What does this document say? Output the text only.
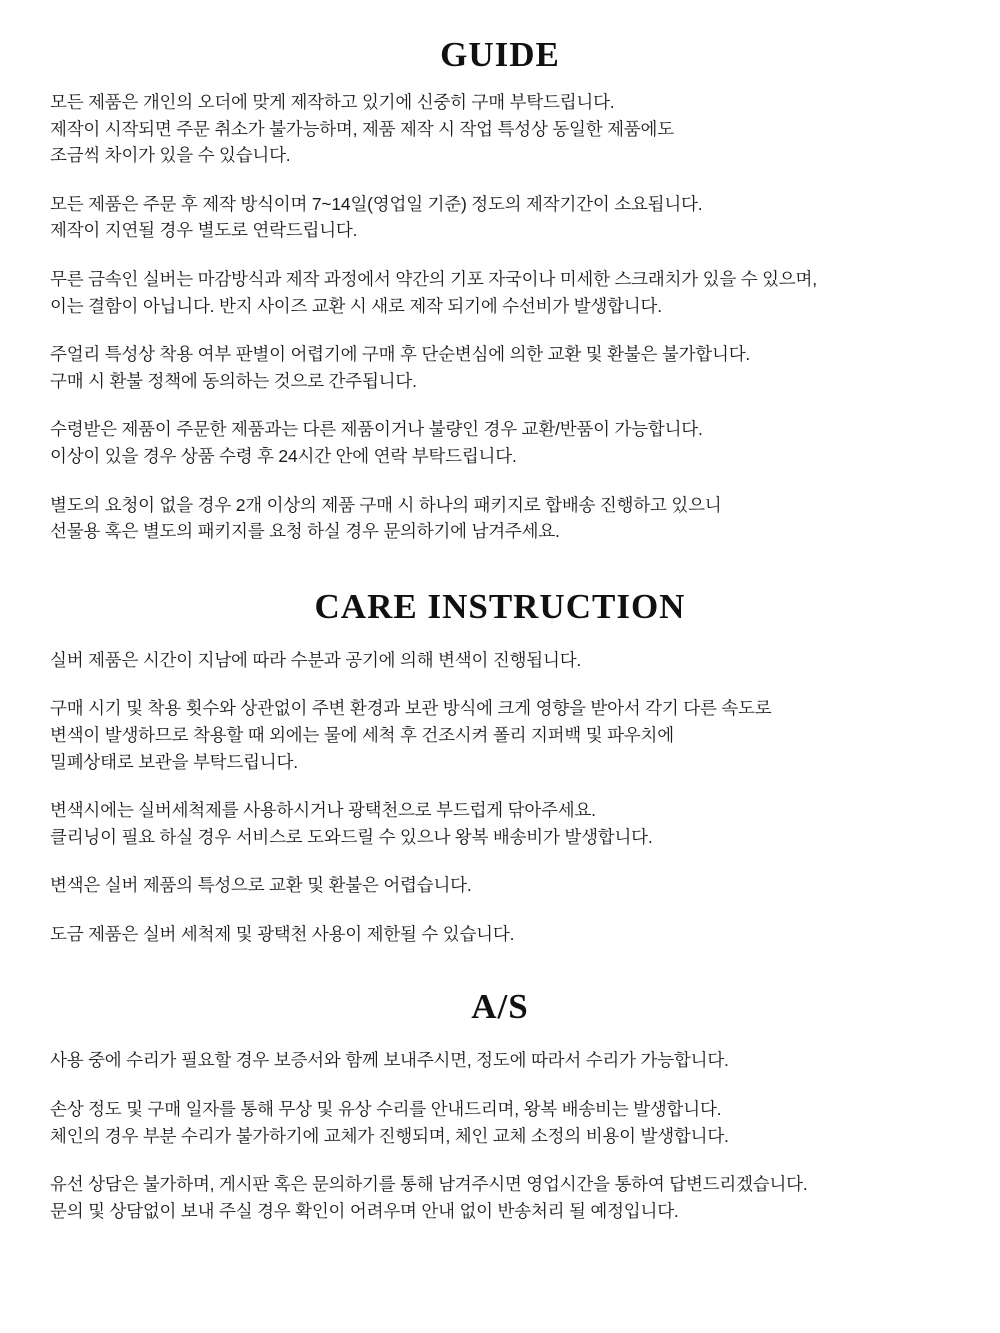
GUIDE

모든 제품은 개인의 오더에 맞게 제작하고 있기에 신중히 구매 부탁드립니다.
제작이 시작되면 주문 취소가 불가능하며, 제품 제작 시 작업 특성상 동일한 제품에도
조금씩 차이가 있을 수 있습니다.

모든 제품은 주문 후 제작 방식이며 7~14일(영업일 기준) 정도의 제작기간이 소요됩니다.
제작이 지연될 경우 별도로 연락드립니다.

무른 금속인 실버는 마감방식과 제작 과정에서 약간의 기포 자국이나 미세한 스크래치가 있을 수 있으며,
이는 결함이 아닙니다. 반지 사이즈 교환 시 새로 제작 되기에 수선비가 발생합니다.

주얼리 특성상 착용 여부 판별이 어렵기에 구매 후 단순변심에 의한 교환 및 환불은 불가합니다.
구매 시 환불 정책에 동의하는 것으로 간주됩니다.

수령받은 제품이 주문한 제품과는 다른 제품이거나 불량인 경우 교환/반품이 가능합니다.
이상이 있을 경우 상품 수령 후 24시간 안에 연락 부탁드립니다.

별도의 요청이 없을 경우 2개 이상의 제품 구매 시 하나의 패키지로 합배송 진행하고 있으니
선물용 혹은 별도의 패키지를 요청 하실 경우 문의하기에 남겨주세요.

CARE INSTRUCTION

실버 제품은 시간이 지남에 따라 수분과 공기에 의해 변색이 진행됩니다.

구매 시기 및 착용 횟수와 상관없이 주변 환경과 보관 방식에 크게 영향을 받아서 각기 다른 속도로
변색이 발생하므로 착용할 때 외에는 물에 세척 후 건조시켜 폴리 지퍼백 및 파우치에
밀폐상태로 보관을 부탁드립니다.

변색시에는 실버세척제를 사용하시거나 광택천으로 부드럽게 닦아주세요.
클리닝이 필요 하실 경우 서비스로 도와드릴 수 있으나 왕복 배송비가 발생합니다.

변색은 실버 제품의 특성으로 교환 및 환불은 어렵습니다.

도금 제품은 실버 세척제 및 광택천 사용이 제한될 수 있습니다.

A/S

사용 중에 수리가 필요할 경우 보증서와 함께 보내주시면, 정도에 따라서 수리가 가능합니다.

손상 정도 및 구매 일자를 통해 무상 및 유상 수리를 안내드리며, 왕복 배송비는 발생합니다.
체인의 경우 부분 수리가 불가하기에 교체가 진행되며, 체인 교체 소정의 비용이 발생합니다.

유선 상담은 불가하며, 게시판 혹은 문의하기를 통해 남겨주시면 영업시간을 통하여 답변드리겠습니다.
문의 및 상담없이 보내 주실 경우 확인이 어려우며 안내 없이 반송처리 될 예정입니다.
